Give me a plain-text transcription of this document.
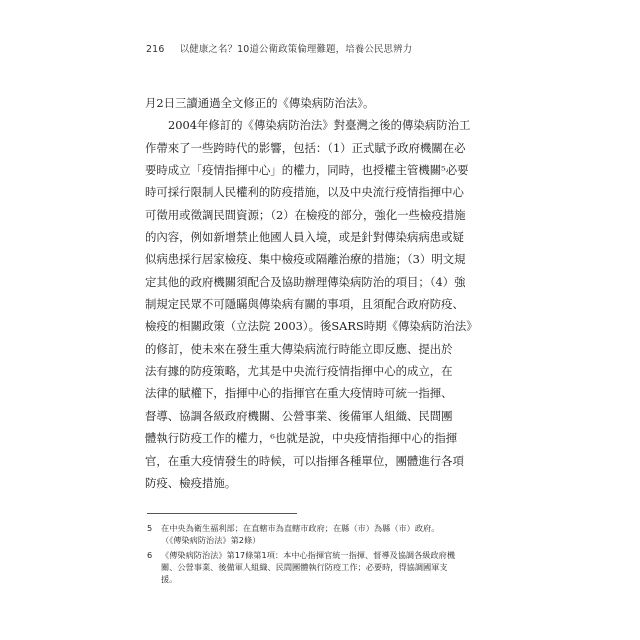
216 以健康之名？10道公衛政策倫理難題，培養公民思辨力
月2日三讀通過全文修正的《傳染病防治法》。
2004年修訂的《傳染病防治法》對臺灣之後的傳染病防治工
作帶來了一些跨時代的影響，包括：（1）正式賦予政府機關在必
要時成立「疫情指揮中心」的權力，同時，也授權主管機關⁵必要
時可採行限制人民權利的防疫措施，以及中央流行疫情指揮中心
可徵用或徵調民間資源；（2）在檢疫的部分，強化一些檢疫措施
的內容，例如新增禁止他國人員入境，或是針對傳染病病患或疑
似病患採行居家檢疫、集中檢疫或隔離治療的措施；（3）明文規
定其他的政府機關須配合及協助辦理傳染病防治的項目；（4）強
制規定民眾不可隱瞞與傳染病有關的事項，且須配合政府防疫、
檢疫的相關政策（立法院 2003）。後SARS時期《傳染病防治法》
的修訂，使未來在發生重大傳染病流行時能立即反應、提出於
法有據的防疫策略，尤其是中央流行疫情指揮中心的成立，在
法律的賦權下，指揮中心的指揮官在重大疫情時可統一指揮、
督導、協調各級政府機關、公營事業、後備軍人組織、民間團
體執行防疫工作的權力，⁶也就是說，中央疫情指揮中心的指揮
官，在重大疫情發生的時候，可以指揮各種單位，團體進行各項
防疫、檢疫措施。
5 在中央為衛生福利部；在直轄市為直轄市政府；在縣（市）為縣（市）政府。
（《傳染病防治法》第2條）
6 《傳染病防治法》第17條第1項：本中心指揮官統一指揮、督導及協調各級政府機
關、公營事業、後備軍人組織、民間團體執行防疫工作；必要時，得協調國軍支
援。
